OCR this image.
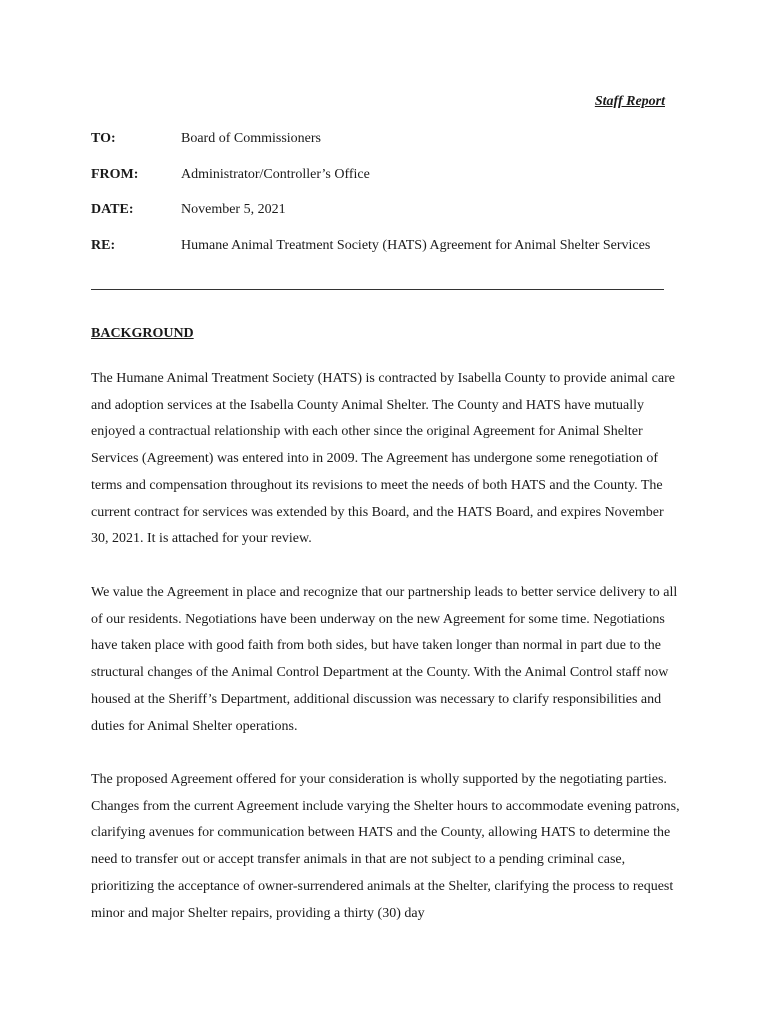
Staff Report
TO:	Board of Commissioners
FROM:	Administrator/Controller’s Office
DATE:	November 5, 2021
RE:	Humane Animal Treatment Society (HATS) Agreement for Animal Shelter Services
BACKGROUND

The Humane Animal Treatment Society (HATS) is contracted by Isabella County to provide animal care and adoption services at the Isabella County Animal Shelter. The County and HATS have mutually enjoyed a contractual relationship with each other since the original Agreement for Animal Shelter Services (Agreement) was entered into in 2009. The Agreement has undergone some renegotiation of terms and compensation throughout its revisions to meet the needs of both HATS and the County. The current contract for services was extended by this Board, and the HATS Board, and expires November 30, 2021. It is attached for your review.

We value the Agreement in place and recognize that our partnership leads to better service delivery to all of our residents. Negotiations have been underway on the new Agreement for some time. Negotiations have taken place with good faith from both sides, but have taken longer than normal in part due to the structural changes of the Animal Control Department at the County. With the Animal Control staff now housed at the Sheriff’s Department, additional discussion was necessary to clarify responsibilities and duties for Animal Shelter operations.

The proposed Agreement offered for your consideration is wholly supported by the negotiating parties. Changes from the current Agreement include varying the Shelter hours to accommodate evening patrons, clarifying avenues for communication between HATS and the County, allowing HATS to determine the need to transfer out or accept transfer animals in that are not subject to a pending criminal case, prioritizing the acceptance of owner-surrendered animals at the Shelter, clarifying the process to request minor and major Shelter repairs, providing a thirty (30) day
